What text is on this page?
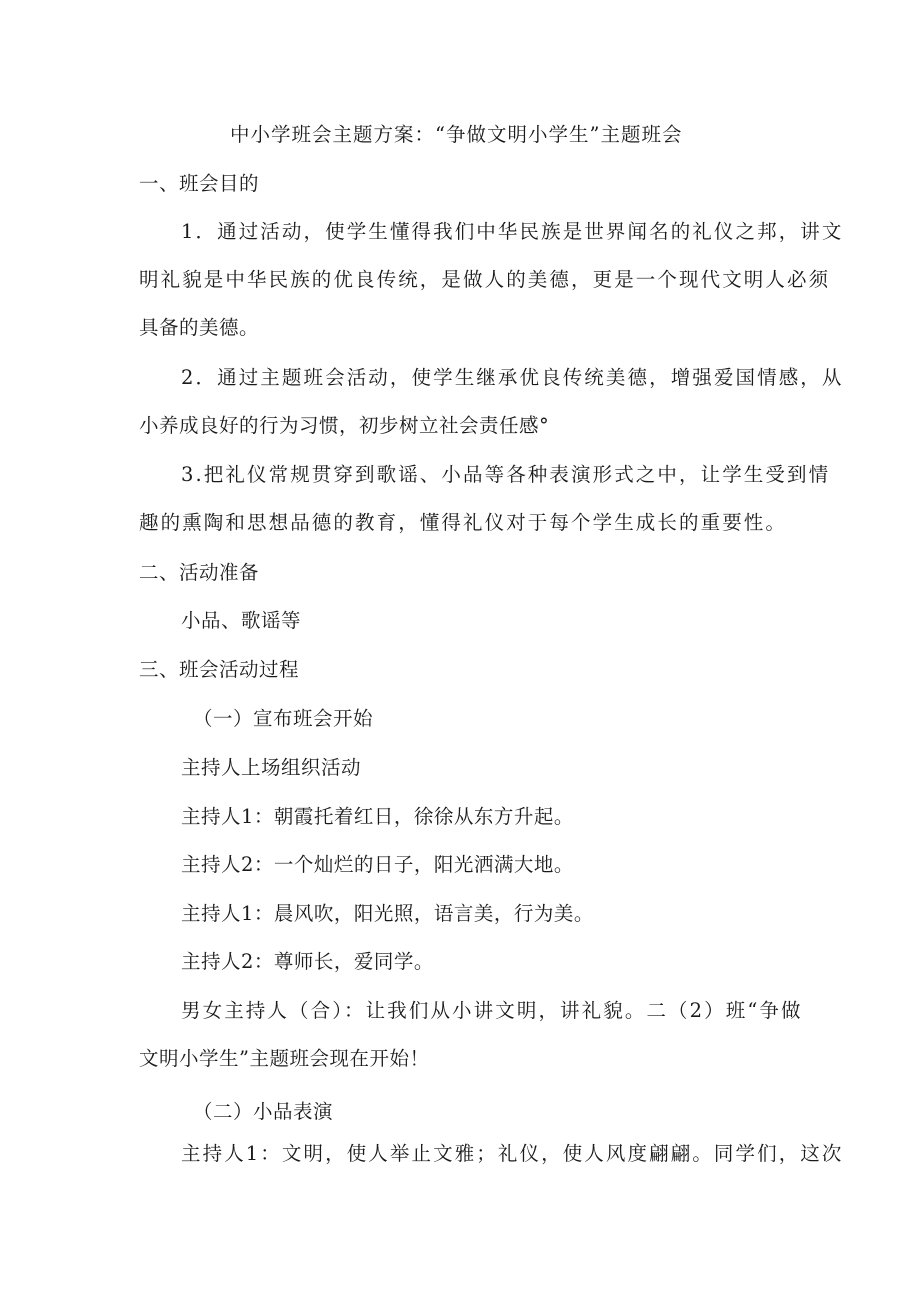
中小学班会主题方案：“争做文明小学生”主题班会
一、班会目的
1．通过活动，使学生懂得我们中华民族是世界闻名的礼仪之邦，讲文
明礼貌是中华民族的优良传统，是做人的美德，更是一个现代文明人必须
具备的美德。
2．通过主题班会活动，使学生继承优良传统美德，增强爱国情感，从
小养成良好的行为习惯，初步树立社会责任感°
3.把礼仪常规贯穿到歌谣、小品等各种表演形式之中，让学生受到情
趣的熏陶和思想品德的教育，懂得礼仪对于每个学生成长的重要性。
二、活动准备
小品、歌谣等
三、班会活动过程
（一）宣布班会开始
主持人上场组织活动
主持人1：朝霞托着红日，徐徐从东方升起。
主持人2：一个灿烂的日子，阳光洒满大地。
主持人1：晨风吹，阳光照，语言美，行为美。
主持人2：尊师长，爱同学。
男女主持人（合）：让我们从小讲文明，讲礼貌。二（2）班“争做
文明小学生”主题班会现在开始！
（二）小品表演
主持人1：文明，使人举止文雅；礼仪，使人风度翩翩。同学们，这次
